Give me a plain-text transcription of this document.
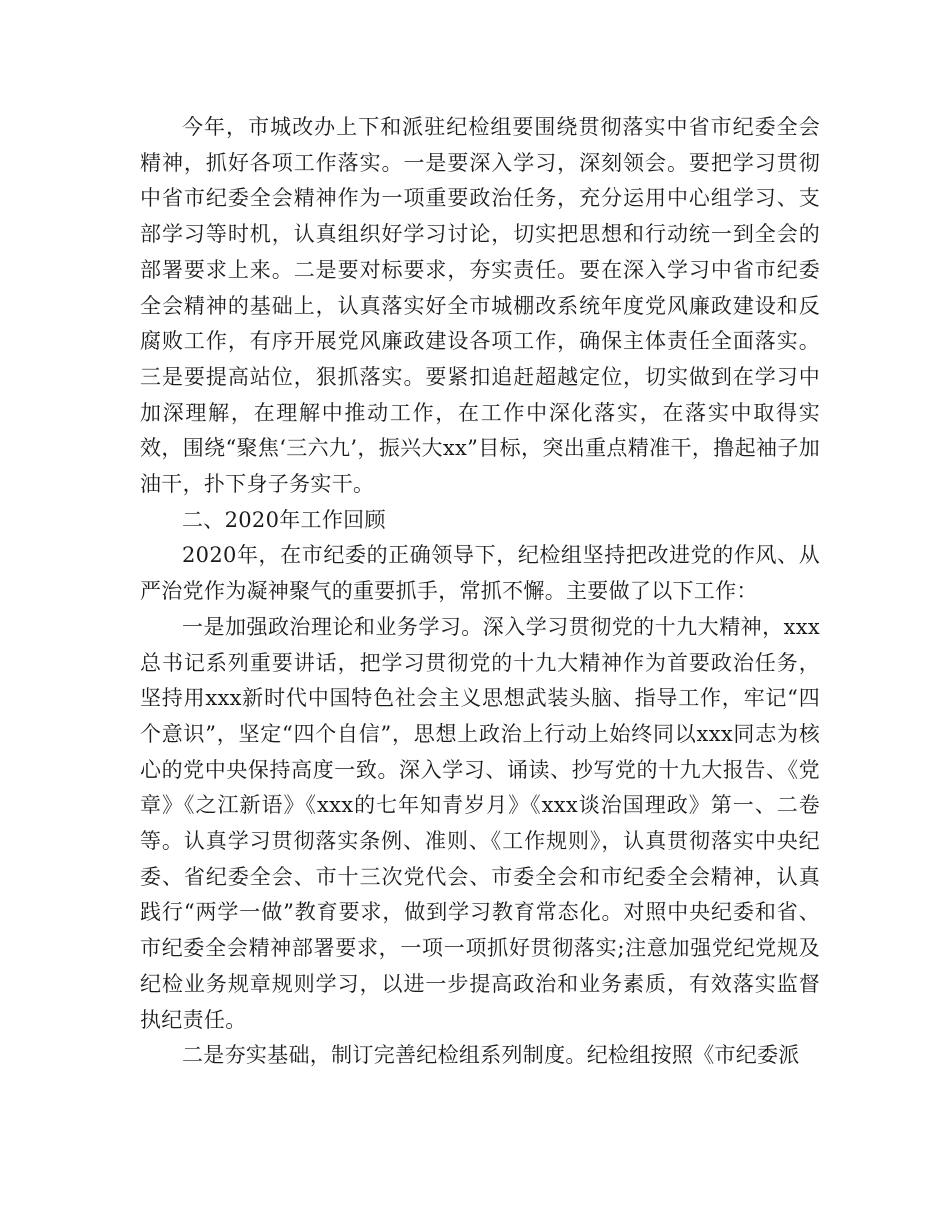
今年，市城改办上下和派驻纪检组要围绕贯彻落实中省市纪委全会精神，抓好各项工作落实。一是要深入学习，深刻领会。要把学习贯彻中省市纪委全会精神作为一项重要政治任务，充分运用中心组学习、支部学习等时机，认真组织好学习讨论，切实把思想和行动统一到全会的部署要求上来。二是要对标要求，夯实责任。要在深入学习中省市纪委全会精神的基础上，认真落实好全市城棚改系统年度党风廉政建设和反腐败工作，有序开展党风廉政建设各项工作，确保主体责任全面落实。三是要提高站位，狠抓落实。要紧扣追赶超越定位，切实做到在学习中加深理解，在理解中推动工作，在工作中深化落实，在落实中取得实效，围绕“聚焦‘三六九’，振兴大xx”目标，突出重点精准干，撸起袖子加油干，扑下身子务实干。

二、2020年工作回顾

2020年，在市纪委的正确领导下，纪检组坚持把改进党的作风、从严治党作为凝神聚气的重要抓手，常抓不懈。主要做了以下工作：

一是加强政治理论和业务学习。深入学习贯彻党的十九大精神，xxx总书记系列重要讲话，把学习贯彻党的十九大精神作为首要政治任务，坚持用xxx新时代中国特色社会主义思想武装头脑、指导工作，牢记“四个意识”，坚定“四个自信”，思想上政治上行动上始终同以xxx同志为核心的党中央保持高度一致。深入学习、诵读、抄写党的十九大报告、《党章》《之江新语》《xxx的七年知青岁月》《xxx谈治国理政》第一、二卷等。认真学习贯彻落实条例、准则、《工作规则》，认真贯彻落实中央纪委、省纪委全会、市十三次党代会、市委全会和市纪委全会精神，认真践行“两学一做”教育要求，做到学习教育常态化。对照中央纪委和省、市纪委全会精神部署要求，一项一项抓好贯彻落实;注意加强党纪党规及纪检业务规章规则学习，以进一步提高政治和业务素质，有效落实监督执纪责任。

二是夯实基础，制订完善纪检组系列制度。纪检组按照《市纪委派
